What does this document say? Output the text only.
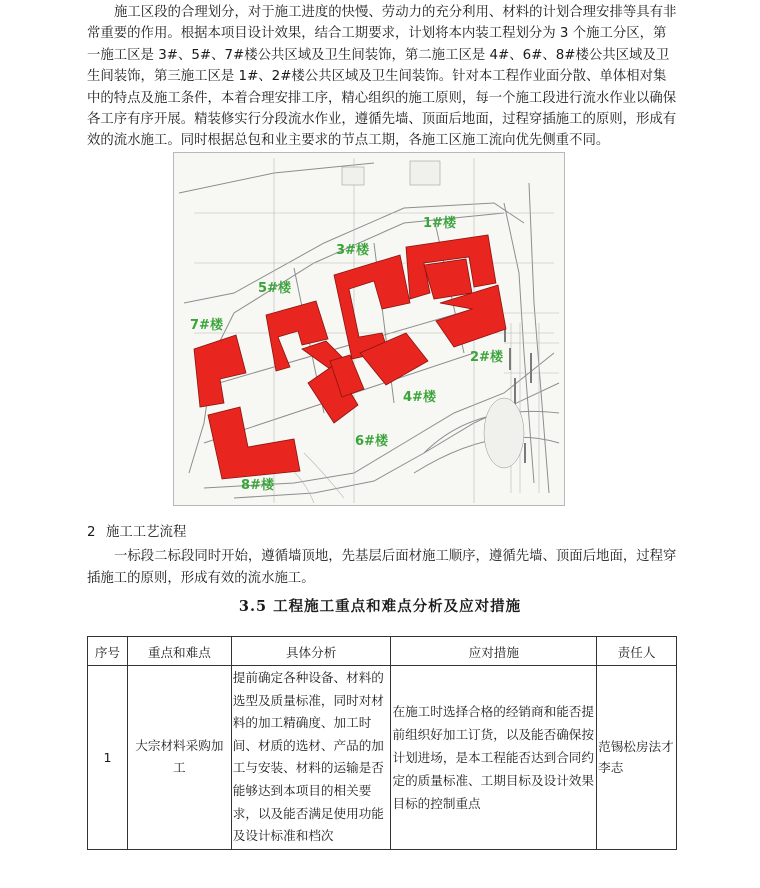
施工区段的合理划分，对于施工进度的快慢、劳动力的充分利用、材料的计划合理安排等具有非常重要的作用。根据本项目设计效果，结合工期要求，计划将本内装工程划分为 3 个施工分区，第一施工区是 3#、5#、7#楼公共区域及卫生间装饰，第二施工区是 4#、6#、8#楼公共区域及卫生间装饰，第三施工区是 1#、2#楼公共区域及卫生间装饰。针对本工程作业面分散、单体相对集中的特点及施工条件，本着合理安排工序，精心组织的施工原则，每一个施工段进行流水作业以确保各工序有序开展。精装修实行分段流水作业，遵循先墙、顶面后地面，过程穿插施工的原则，形成有效的流水施工。同时根据总包和业主要求的节点工期，各施工区施工流向优先侧重不同。

1#楼
2#楼
3#楼
4#楼
5#楼
6#楼
7#楼
8#楼
2 施工工艺流程

一标段二标段同时开始，遵循墙顶地，先基层后面材施工顺序，遵循先墙、顶面后地面，过程穿插施工的原则，形成有效的流水施工。

3.5 工程施工重点和难点分析及应对措施
序号	重点和难点	具体分析	应对措施	责任人
1	大宗材料采购加工	提前确定各种设备、材料的选型及质量标准，同时对材料的加工精确度、加工时间、材质的选材、产品的加工与安装、材料的运输是否能够达到本项目的相关要求，以及能否满足使用功能及设计标准和档次	在施工时选择合格的经销商和能否提前组织好加工订货，以及能否确保按计划进场，是本工程能否达到合同约定的质量标准、工期目标及设计效果目标的控制重点	范锡松房法才李志
